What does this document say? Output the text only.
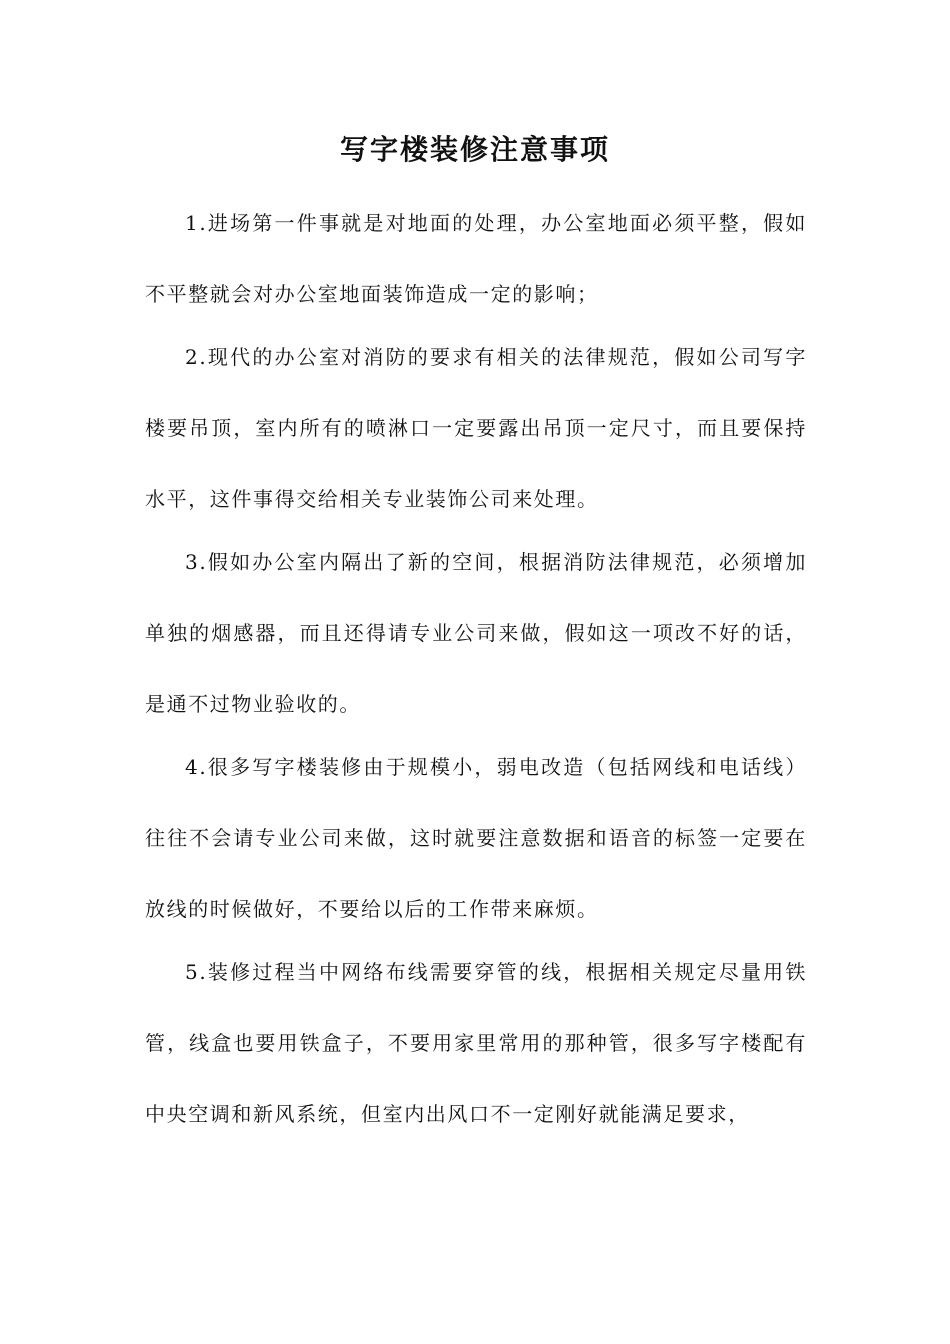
写字楼装修注意事项

1.进场第一件事就是对地面的处理，办公室地面必须平整，假如不平整就会对办公室地面装饰造成一定的影响；

2.现代的办公室对消防的要求有相关的法律规范，假如公司写字楼要吊顶，室内所有的喷淋口一定要露出吊顶一定尺寸，而且要保持水平，这件事得交给相关专业装饰公司来处理。

3.假如办公室内隔出了新的空间，根据消防法律规范，必须增加单独的烟感器，而且还得请专业公司来做，假如这一项改不好的话，是通不过物业验收的。

4.很多写字楼装修由于规模小，弱电改造（包括网线和电话线）往往不会请专业公司来做，这时就要注意数据和语音的标签一定要在放线的时候做好，不要给以后的工作带来麻烦。

5.装修过程当中网络布线需要穿管的线，根据相关规定尽量用铁管，线盒也要用铁盒子，不要用家里常用的那种管，很多写字楼配有中央空调和新风系统，但室内出风口不一定刚好就能满足要求，
